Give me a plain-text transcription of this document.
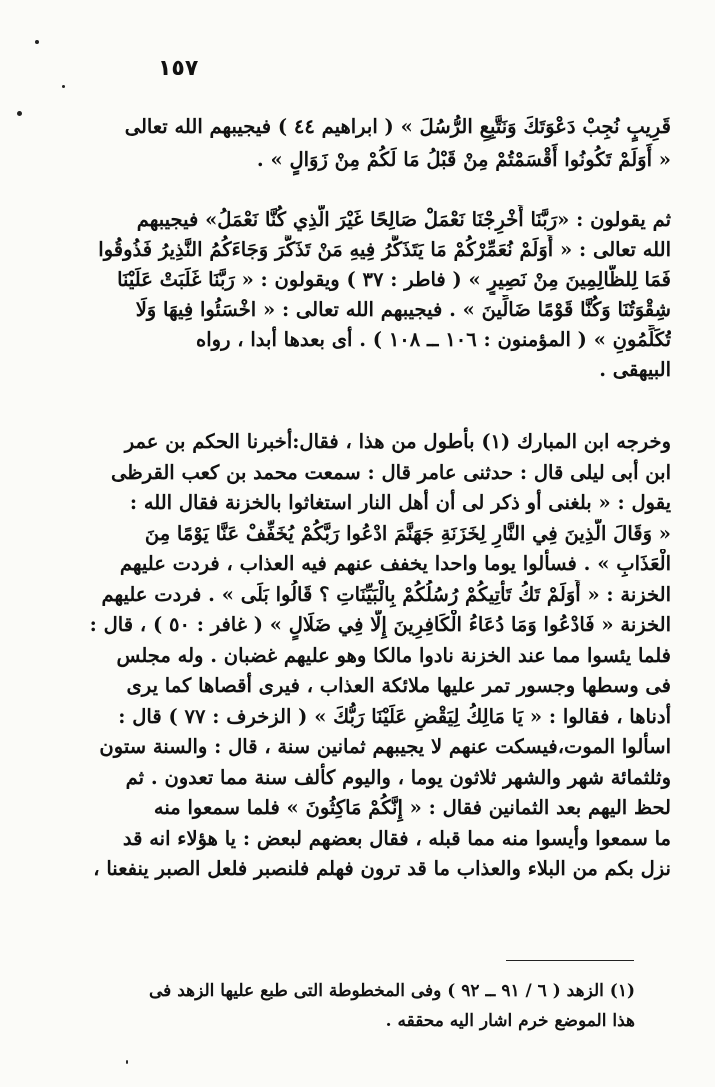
١٥٧

قَرِيبٍ نُجِبْ دَعْوَتَكَ وَنَتَّبِعِ الرُّسُلَ » ( ابراهيم ٤٤ ) فيجيبهم الله تعالى

« أَوَلَمْ تَكُونُوا أَقْسَمْتُمْ مِنْ قَبْلُ مَا لَكُمْ مِنْ زَوَالٍ » .

ثم يقولون : «رَبَّنَا أَخْرِجْنَا نَعْمَلْ صَالِحًا غَيْرَ الَّذِي كُنَّا نَعْمَلُ» فيجيبهم

الله تعالى : « أَوَلَمْ نُعَمِّرْكُمْ مَا يَتَذَكَّرُ فِيهِ مَنْ تَذَكَّرَ وَجَاءَكُمُ النَّذِيرُ فَذُوقُوا

فَمَا لِلظَّالِمِينَ مِنْ نَصِيرٍ » ( فاطر : ٣٧ ) ويقولون : « رَبَّنَا غَلَبَتْ عَلَيْنَا

شِقْوَتُنَا وَكُنَّا قَوْمًا ضَالِّينَ » . فيجيبهم الله تعالى : « اخْسَئُوا فِيهَا وَلَا

تُكَلِّمُونِ » ( المؤمنون : ١٠٦ ــ ١٠٨ ) . أى بعدها أبدا ، رواه

البيهقى .

وخرجه ابن المبارك (١) بأطول من هذا ، فقال:أخبرنا الحكم بن عمر

ابن أبى ليلى قال : حدثنى عامر قال : سمعت محمد بن كعب القرظى

يقول : « بلغنى أو ذكر لى أن أهل النار استغاثوا بالخزنة فقال الله :

« وَقَالَ الَّذِينَ فِي النَّارِ لِخَزَنَةِ جَهَنَّمَ ادْعُوا رَبَّكُمْ يُخَفِّفْ عَنَّا يَوْمًا مِنَ

الْعَذَابِ » . فسألوا يوما واحدا يخفف عنهم فيه العذاب ، فردت عليهم

الخزنة : « أَوَلَمْ تَكُ تَأْتِيكُمْ رُسُلُكُمْ بِالْبَيِّنَاتِ ؟ قَالُوا بَلَى » . فردت عليهم

الخزنة « فَادْعُوا وَمَا دُعَاءُ الْكَافِرِينَ إِلَّا فِي ضَلَالٍ » ( غافر : ٥٠ ) ، قال :

فلما يئسوا مما عند الخزنة نادوا مالكا وهو عليهم غضبان . وله مجلس

فى وسطها وجسور تمر عليها ملائكة العذاب ، فيرى أقصاها كما يرى

أدناها ، فقالوا : « يَا مَالِكُ لِيَقْضِ عَلَيْنَا رَبُّكَ » ( الزخرف : ٧٧ ) قال :

اسألوا الموت،فيسكت عنهم لا يجيبهم ثمانين سنة ، قال : والسنة ستون

وثلثمائة شهر والشهر ثلاثون يوما ، واليوم كألف سنة مما تعدون . ثم

لحظ اليهم بعد الثمانين فقال : « إِنَّكُمْ مَاكِثُونَ » فلما سمعوا منه

ما سمعوا وأيسوا منه مما قبله ، فقال بعضهم لبعض : يا هؤلاء انه قد

نزل بكم من البلاء والعذاب ما قد ترون فهلم فلنصبر فلعل الصبر ينفعنا ،

(١) الزهد ( ٦ / ٩١ ــ ٩٢ ) وفى المخطوطة التى طبع عليها الزهد فى

هذا الموضع خرم اشار اليه محققه .
